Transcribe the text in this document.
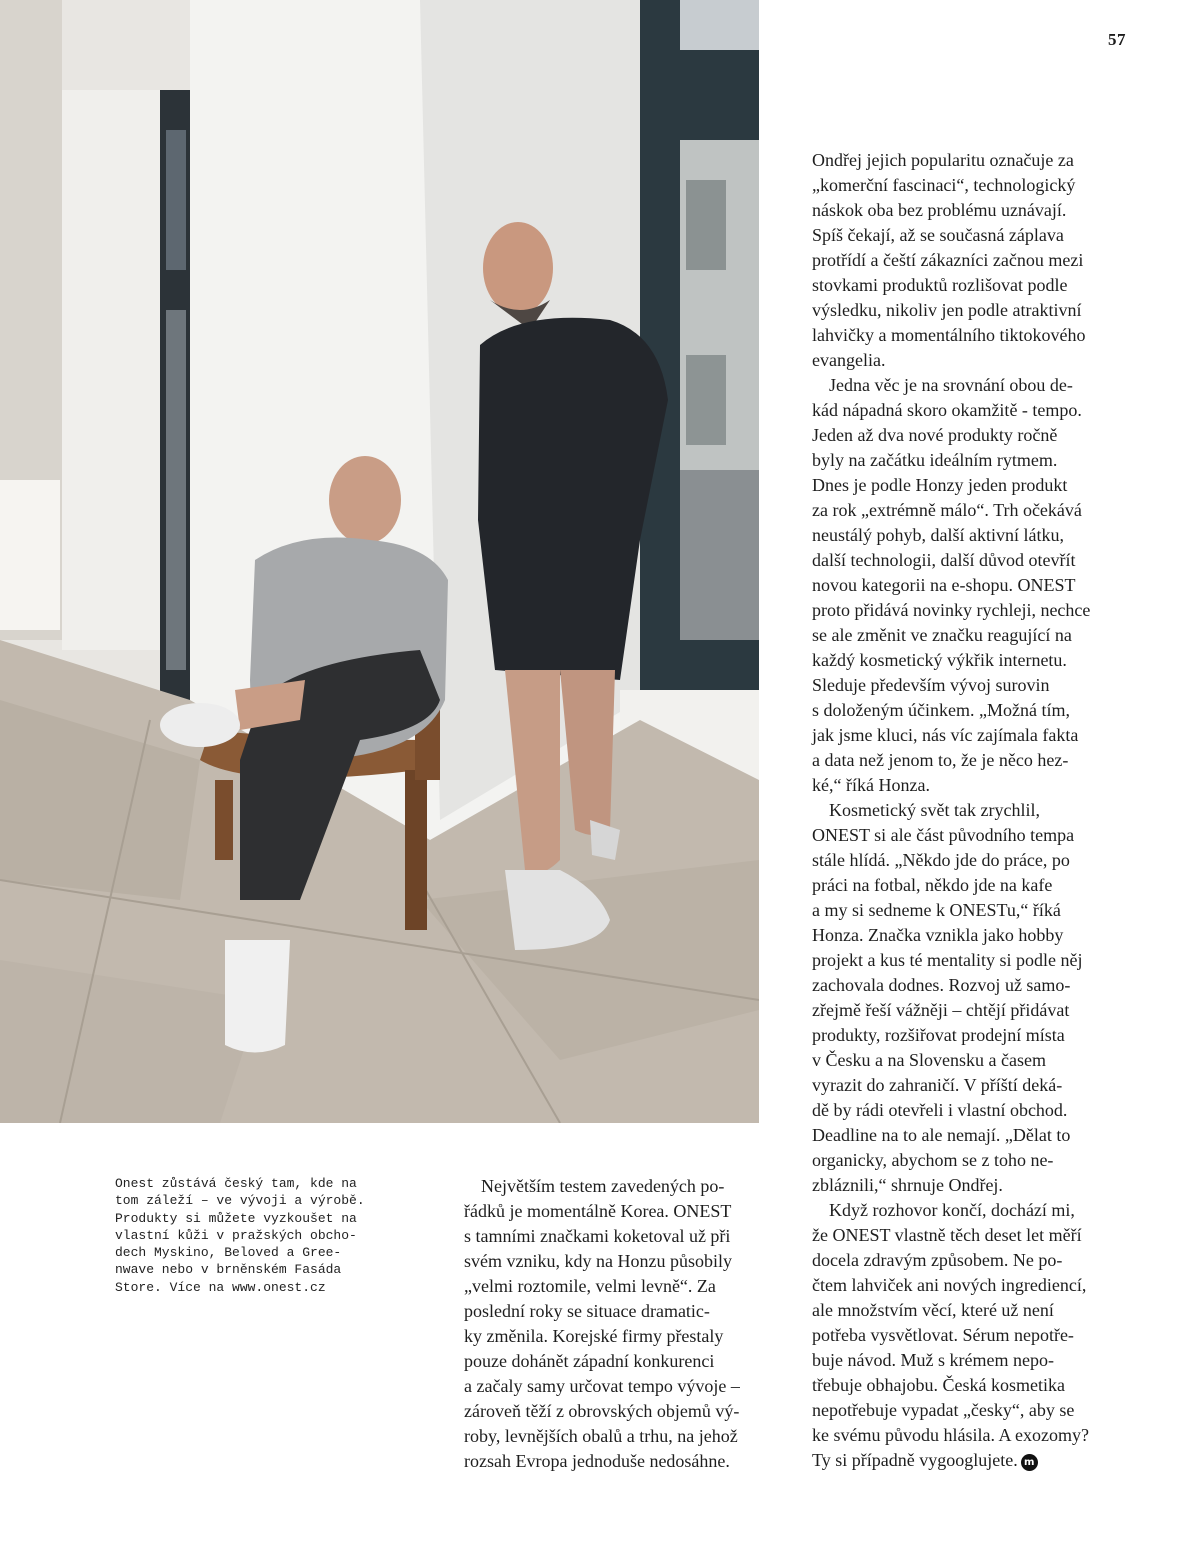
57
Onest zůstává český tam, kde na
tom záleží – ve vývoji a výrobě.
Produkty si můžete vyzkoušet na
vlastní kůži v pražských obcho-
dech Myskino, Beloved a Gree-
nwave nebo v brněnském Fasáda
Store. Více na www.onest.cz
Největším testem zavedených po-
řádků je momentálně Korea. ONEST
s tamními značkami koketoval už při
svém vzniku, kdy na Honzu působily
„velmi roztomile, velmi levně“. Za
poslední roky se situace dramatic-
ky změnila. Korejské firmy přestaly
pouze dohánět západní konkurenci
a začaly samy určovat tempo vývoje –
zároveň těží z obrovských objemů vý-
roby, levnějších obalů a trhu, na jehož
rozsah Evropa jednoduše nedosáhne.
Ondřej jejich popularitu označuje za
„komerční fascinaci“, technologický
náskok oba bez problému uznávají.
Spíš čekají, až se současná záplava
protřídí a čeští zákazníci začnou mezi
stovkami produktů rozlišovat podle
výsledku, nikoliv jen podle atraktivní
lahvičky a momentálního tiktokového
evangelia.
Jedna věc je na srovnání obou de-
kád nápadná skoro okamžitě - tempo.
Jeden až dva nové produkty ročně
byly na začátku ideálním rytmem.
Dnes je podle Honzy jeden produkt
za rok „extrémně málo“. Trh očekává
neustálý pohyb, další aktivní látku,
další technologii, další důvod otevřít
novou kategorii na e-shopu. ONEST
proto přidává novinky rychleji, nechce
se ale změnit ve značku reagující na
každý kosmetický výkřik internetu.
Sleduje především vývoj surovin
s doloženým účinkem. „Možná tím,
jak jsme kluci, nás víc zajímala fakta
a data než jenom to, že je něco hez-
ké,“ říká Honza.
Kosmetický svět tak zrychlil,
ONEST si ale část původního tempa
stále hlídá. „Někdo jde do práce, po
práci na fotbal, někdo jde na kafe
a my si sedneme k ONESTu,“ říká
Honza. Značka vznikla jako hobby
projekt a kus té mentality si podle něj
zachovala dodnes. Rozvoj už samo-
zřejmě řeší vážněji – chtějí přidávat
produkty, rozšiřovat prodejní místa
v Česku a na Slovensku a časem
vyrazit do zahraničí. V příští deká-
dě by rádi otevřeli i vlastní obchod.
Deadline na to ale nemají. „Dělat to
organicky, abychom se z toho ne-
zbláznili,“ shrnuje Ondřej.
Když rozhovor končí, dochází mi,
že ONEST vlastně těch deset let měří
docela zdravým způsobem. Ne po-
čtem lahviček ani nových ingrediencí,
ale množstvím věcí, které už není
potřeba vysvětlovat. Sérum nepotře-
buje návod. Muž s krémem nepo-
třebuje obhajobu. Česká kosmetika
nepotřebuje vypadat „česky“, aby se
ke svému původu hlásila. A exozomy?
Ty si případně vygooglujete. m
